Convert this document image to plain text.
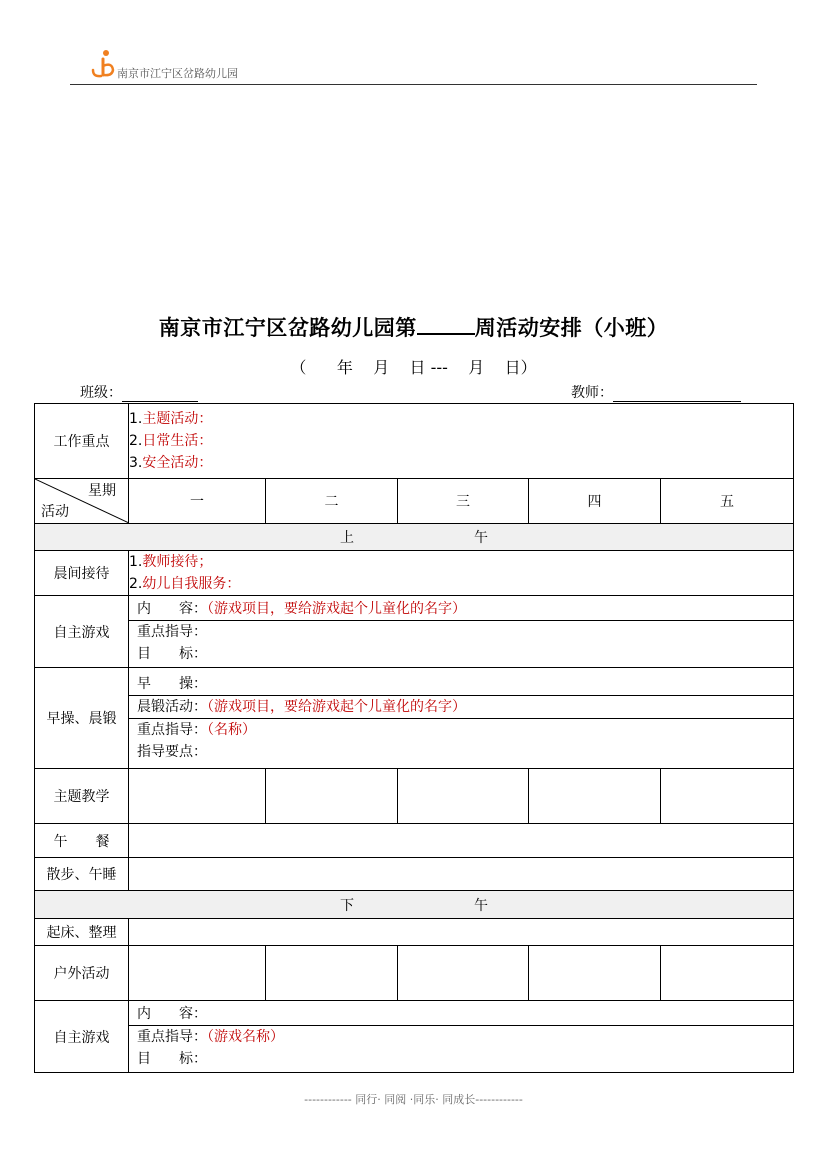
南京市江宁区岔路幼儿园
南京市江宁区岔路幼儿园第	周活动安排（小班）
（      年    月    日 ---    月    日）
班级：	教师：
工作重点	1.主题活动：
2.日常生活：
3.安全活动：				

星期
活动	一	二	三	四	五
上 午					
晨间接待	1.教师接待；
2.幼儿自我服务：				

自主游戏	内　　容：（游戏项目，要给游戏起个儿童化的名字）
重点指导：
目　　标：				

早操、晨锻	早　　操：
晨锻活动：（游戏项目，要给游戏起个儿童化的名字）
重点指导：（名称）
指导要点：				

主题教学					
午　　餐					
散步、午睡					
下 午					
起床、整理					
户外活动					
自主游戏	内　　容：
重点指导：（游戏名称）
目　　标：				
------------ 同行· 同阅 ·同乐· 同成长------------
